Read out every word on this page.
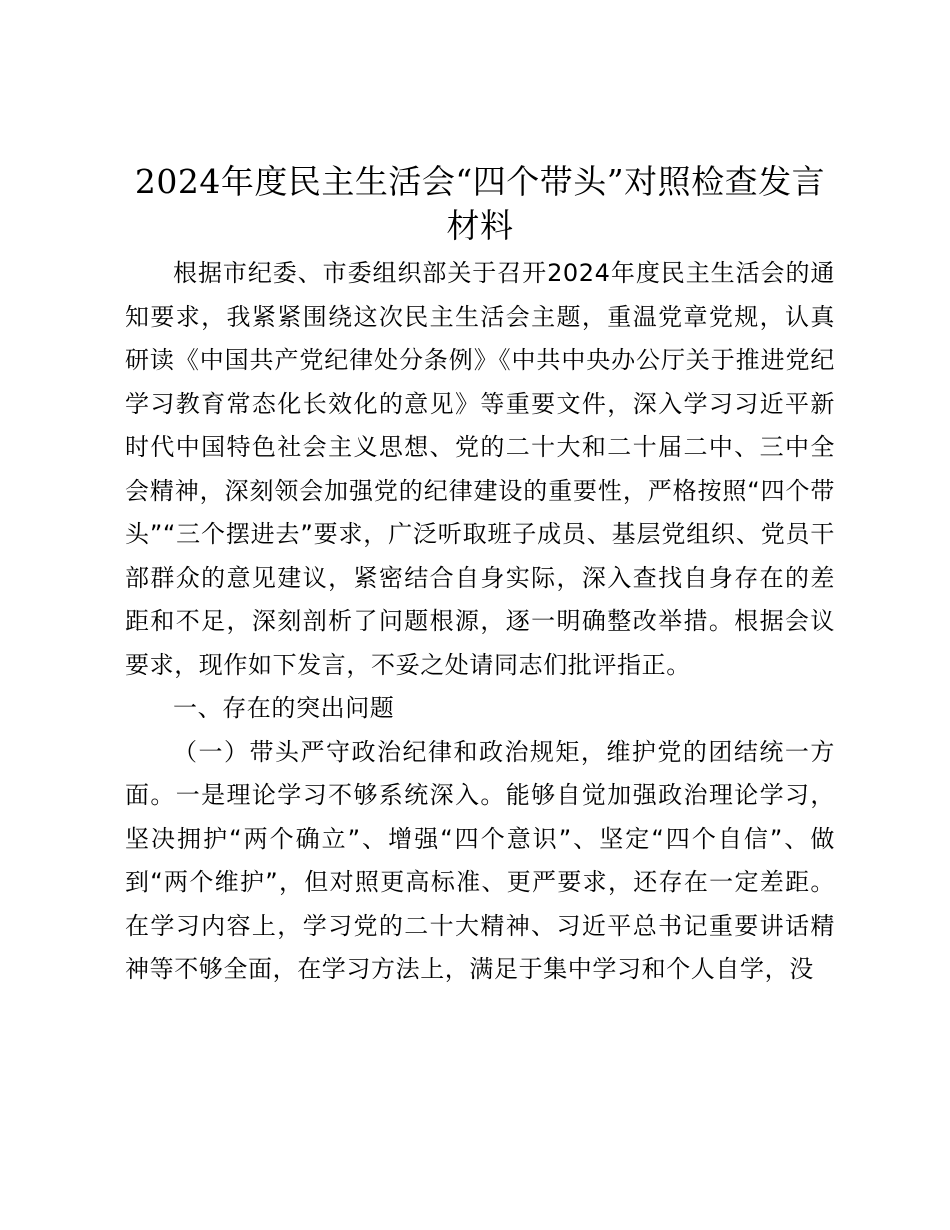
2024年度民主生活会“四个带头”对照检查发言材料

根据市纪委、市委组织部关于召开2024年度民主生活会的通知要求，我紧紧围绕这次民主生活会主题，重温党章党规，认真研读《中国共产党纪律处分条例》《中共中央办公厅关于推进党纪学习教育常态化长效化的意见》等重要文件，深入学习习近平新时代中国特色社会主义思想、党的二十大和二十届二中、三中全会精神，深刻领会加强党的纪律建设的重要性，严格按照“四个带头”“三个摆进去”要求，广泛听取班子成员、基层党组织、党员干部群众的意见建议，紧密结合自身实际，深入查找自身存在的差距和不足，深刻剖析了问题根源，逐一明确整改举措。根据会议要求，现作如下发言，不妥之处请同志们批评指正。

一、存在的突出问题

（一）带头严守政治纪律和政治规矩，维护党的团结统一方面。一是理论学习不够系统深入。能够自觉加强政治理论学习，坚决拥护“两个确立”、增强“四个意识”、坚定“四个自信”、做到“两个维护”，但对照更高标准、更严要求，还存在一定差距。在学习内容上，学习党的二十大精神、习近平总书记重要讲话精神等不够全面，在学习方法上，满足于集中学习和个人自学，没
